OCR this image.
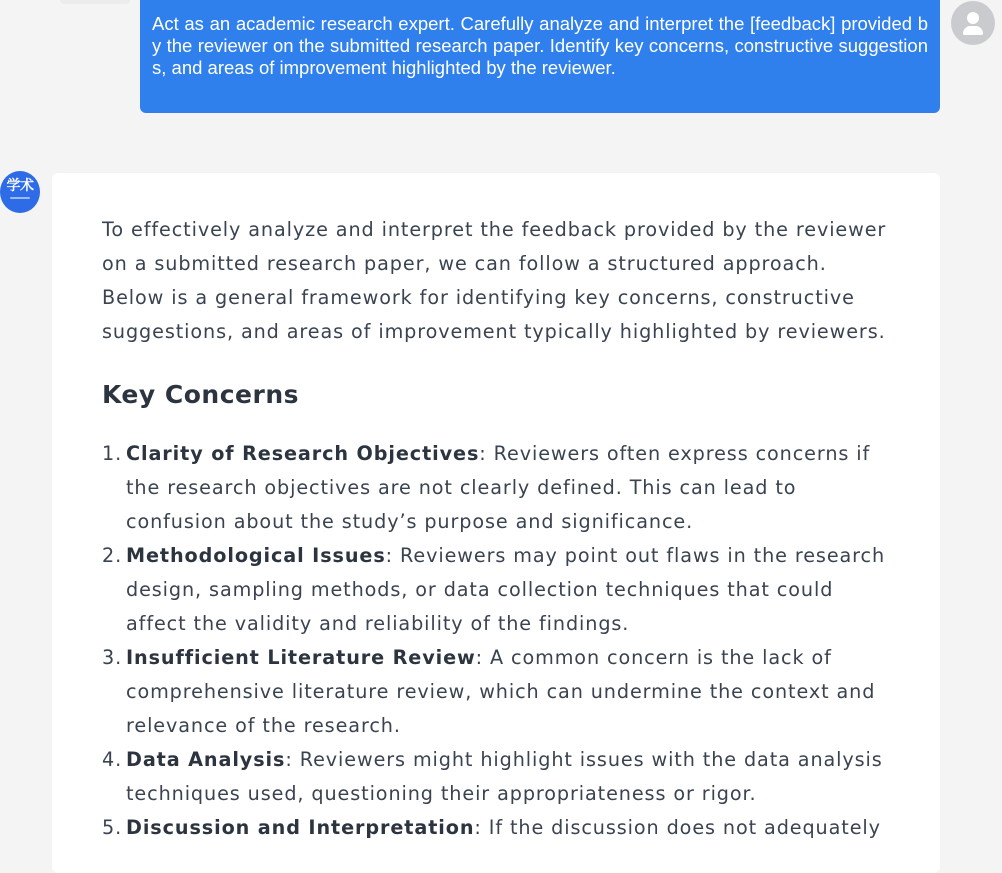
Act as an academic research expert. Carefully analyze and interpret the [feedback] provided by the reviewer on the submitted research paper. Identify key concerns, constructive suggestions, and areas of improvement highlighted by the reviewer.
学术

To effectively analyze and interpret the feedback provided by the reviewer on a submitted research paper, we can follow a structured approach. Below is a general framework for identifying key concerns, constructive suggestions, and areas of improvement typically highlighted by reviewers.

Key Concerns
1. Clarity of Research Objectives: Reviewers often express concerns if the research objectives are not clearly defined. This can lead to confusion about the study’s purpose and significance.
2. Methodological Issues: Reviewers may point out flaws in the research design, sampling methods, or data collection techniques that could affect the validity and reliability of the findings.
3. Insufficient Literature Review: A common concern is the lack of comprehensive literature review, which can undermine the context and relevance of the research.
4. Data Analysis: Reviewers might highlight issues with the data analysis techniques used, questioning their appropriateness or rigor.
5. Discussion and Interpretation: If the discussion does not adequately
